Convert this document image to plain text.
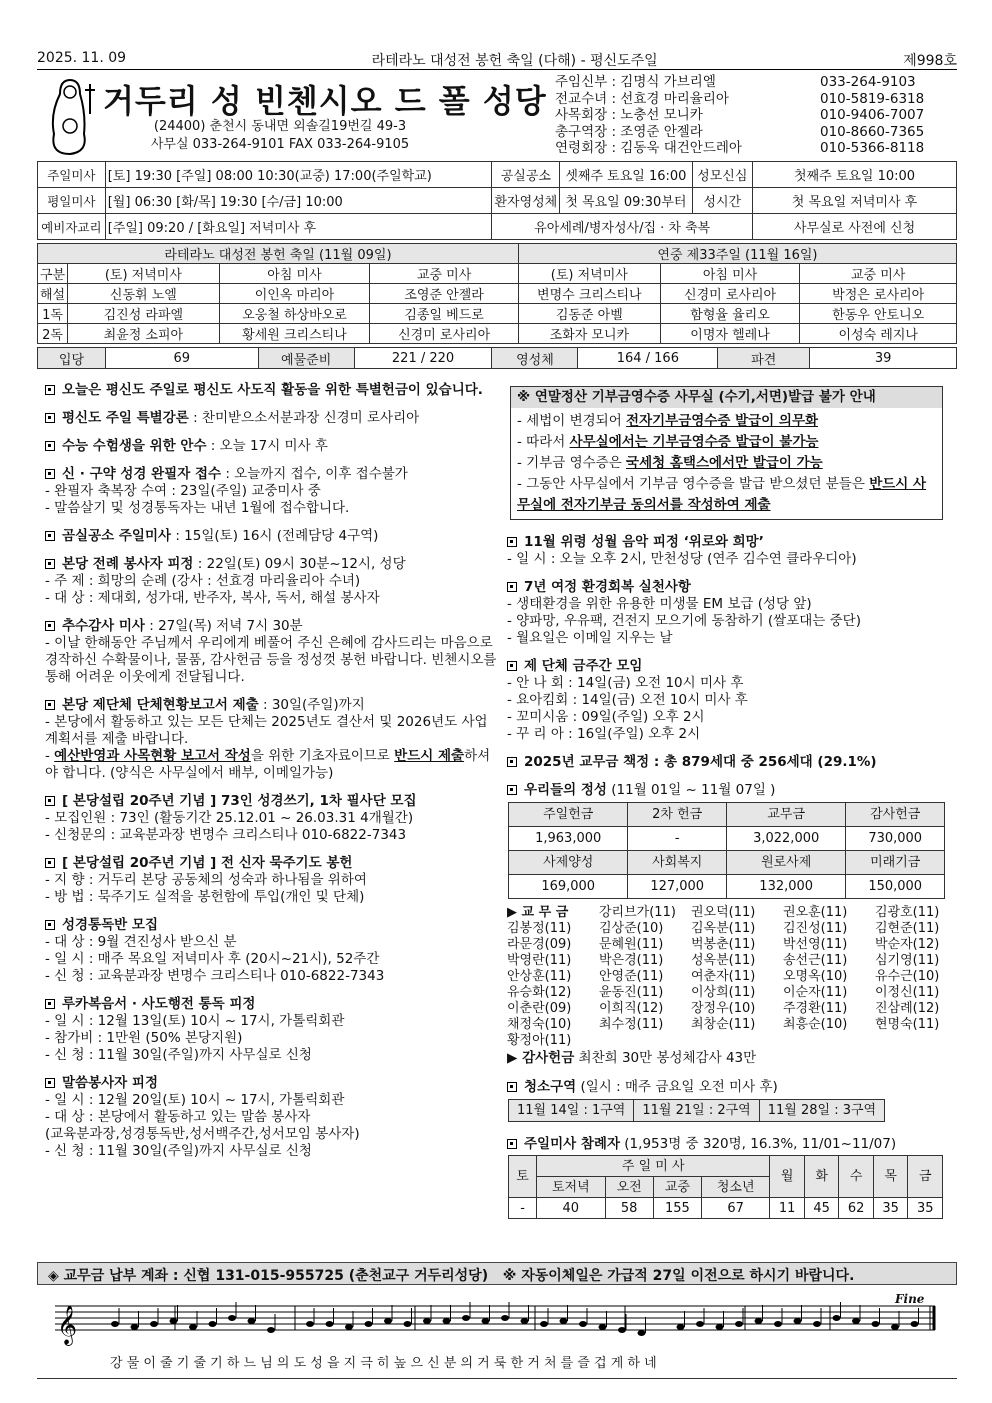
2025. 11. 09	라테라노 대성전 봉헌 축일 (다해) - 평신도주일	제998호
거두리 성 빈첸시오 드 폴 성당
(24400) 춘천시 동내면 외솔길19번길 49-3
사무실 033-264-9101 FAX 033-264-9105
주임신부 : 김명식 가브리엘	033-264-9103
전교수녀 : 선효경 마리율리아	010-5819-6318
사목회장 : 노충선 모니카	010-9406-7007
총구역장 : 조영준 안젤라	010-8660-7365
연령회장 : 김동욱 대건안드레아	010-5366-8118
주일미사	[토] 19:30 [주일] 08:00 10:30(교중) 17:00(주일학교)	공실공소	셋째주 토요일 16:00	성모신심	첫째주 토요일 10:00
평일미사	[월] 06:30 [화/목] 19:30 [수/금] 10:00	환자영성체	첫 목요일 09:30부터	성시간	첫 목요일 저녁미사 후
예비자교리	[주일] 09:20 / [화요일] 저녁미사 후	유아세례/병자성사/집 · 차 축복			사무실로 사전에 신청
라테라노 대성전 봉헌 축일 (11월 09일)				연중 제33주일 (11월 16일)		
구분	(토) 저녁미사	아침 미사	교중 미사	(토) 저녁미사	아침 미사	교중 미사
해설	신동휘 노엘	이인옥 마리아	조영준 안젤라	변명수 크리스티나	신경미 로사리아	박정은 로사리아
1독	김진성 라파엘	오웅철 하상바오로	김종일 베드로	김동준 아벨	함형율 율리오	한동우 안토니오
2독	최윤정 소피아	황세원 크리스티나	신경미 로사리아	조화자 모니카	이명자 헬레나	이성숙 레지나
입당	69	예물준비	221 / 220	영성체	164 / 166	파견	39
오늘은 평신도 주일로 평신도 사도직 활동을 위한 특별헌금이 있습니다.
평신도 주일 특별강론 : 찬미받으소서분과장 신경미 로사리아
수능 수험생을 위한 안수 : 오늘 17시 미사 후
신 · 구약 성경 완필자 접수 : 오늘까지 접수, 이후 접수불가
- 완필자 축복장 수여 : 23일(주일) 교중미사 중
- 말씀살기 및 성경통독자는 내년 1월에 접수합니다.
곰실공소 주일미사 : 15일(토) 16시 (전례담당 4구역)
본당 전례 봉사자 피정 : 22일(토) 09시 30분~12시, 성당
- 주 제 : 희망의 순례 (강사 : 선효경 마리율리아 수녀)
- 대 상 : 제대회, 성가대, 반주자, 복사, 독서, 해설 봉사자
추수감사 미사 : 27일(목) 저녁 7시 30분
- 이날 한해동안 주님께서 우리에게 베풀어 주신 은혜에 감사드리는 마음으로 경작하신 수확물이나, 물품, 감사헌금 등을 정성껏 봉헌 바랍니다. 빈첸시오를 통해 어려운 이웃에게 전달됩니다.
본당 제단체 단체현황보고서 제출 : 30일(주일)까지
- 본당에서 활동하고 있는 모든 단체는 2025년도 결산서 및 2026년도 사업계획서를 제출 바랍니다.
- 예산반영과 사목현황 보고서 작성을 위한 기초자료이므로 반드시 제출하셔야 합니다. (양식은 사무실에서 배부, 이메일가능)
[ 본당설립 20주년 기념 ] 73인 성경쓰기, 1차 필사단 모집
- 모집인원 : 73인 (활동기간 25.12.01 ~ 26.03.31 4개월간)
- 신청문의 : 교육분과장 변명수 크리스티나 010-6822-7343
[ 본당설립 20주년 기념 ] 전 신자 묵주기도 봉헌
- 지 향 : 거두리 본당 공동체의 성숙과 하나됨을 위하여
- 방 법 : 묵주기도 실적을 봉헌함에 투입(개인 및 단체)
성경통독반 모집
- 대 상 : 9월 견진성사 받으신 분
- 일 시 : 매주 목요일 저녁미사 후 (20시~21시), 52주간
- 신 청 : 교육분과장 변명수 크리스티나 010-6822-7343
루카복음서 · 사도행전 통독 피정
- 일 시 : 12월 13일(토) 10시 ~ 17시, 가톨릭회관
- 참가비 : 1만원 (50% 본당지원)
- 신 청 : 11월 30일(주일)까지 사무실로 신청
말씀봉사자 피정
- 일 시 : 12월 20일(토) 10시 ~ 17시, 가톨릭회관
- 대 상 : 본당에서 활동하고 있는 말씀 봉사자
(교육분과장,성경통독반,성서백주간,성서모임 봉사자)
- 신 청 : 11월 30일(주일)까지 사무실로 신청
※ 연말정산 기부금영수증 사무실 (수기,서면)발급 불가 안내
- 세법이 변경되어 전자기부금영수증 발급이 의무화
- 따라서 사무실에서는 기부금영수증 발급이 불가능
- 기부금 영수증은 국세청 홈택스에서만 발급이 가능
- 그동안 사무실에서 기부금 영수증을 발급 받으셨던 분들은 반드시 사무실에 전자기부금 동의서를 작성하여 제출
11월 위령 성월 음악 피정 ‘위로와 희망’
- 일 시 : 오늘 오후 2시, 만천성당 (연주 김수연 클라우디아)
7년 여정 환경회복 실천사항
- 생태환경을 위한 유용한 미생물 EM 보급 (성당 앞)
- 양파망, 우유팩, 건전지 모으기에 동참하기 (쌀포대는 중단)
- 월요일은 이메일 지우는 날
제 단체 금주간 모임
- 안 나 회 : 14일(금) 오전 10시 미사 후
- 요아킴회 : 14일(금) 오전 10시 미사 후
- 꼬미시움 : 09일(주일) 오후 2시
- 꾸 리 아 : 16일(주일) 오후 2시
2025년 교무금 책정 : 총 879세대 중 256세대 (29.1%)
우리들의 정성 (11월 01일 ~ 11월 07일 )
주일헌금	2차 헌금	교무금	감사헌금
1,963,000	-	3,022,000	730,000
사제양성	사회복지	원로사제	미래기금
169,000	127,000	132,000	150,000
▶ 교 무 금	강리브가(11)	권오덕(11)	권오훈(11)	김광호(11)
김봉정(11)	김상준(10)	김옥분(11)	김진성(11)	김현준(11)
라문경(09)	문혜원(11)	벅봉춘(11)	박선영(11)	박순자(12)
박영란(11)	박은경(11)	성옥분(11)	송선근(11)	심기영(11)
안상훈(11)	안영준(11)	여춘자(11)	오명옥(10)	유수근(10)
유승화(12)	윤동진(11)	이상희(11)	이순자(11)	이정신(11)
이춘란(09)	이희직(12)	장정우(10)	주경환(11)	진삼례(12)
채정숙(10)	최수정(11)	최창순(11)	최흥순(10)	현명숙(11)
황정아(11)
▶ 감사헌금 최찬희 30만 봉성체감사 43만
청소구역 (일시 : 매주 금요일 오전 미사 후)
11월 14일 : 1구역	11월 21일 : 2구역	11월 28일 : 3구역
주일미사 참례자 (1,953명 중 320명, 16.3%, 11/01~11/07)
토	주 일 미 사				월	화	수	목	금
	토저녁	오전	교중	청소년					
-	40	58	155	67	11	45	62	35	35
◈ 교무금 납부 계좌 : 신협 131-015-955725 (춘천교구 거두리성당) ※ 자동이체일은 가급적 27일 이전으로 하시기 바랍니다.
𝄞
Fine
강 물 이 줄 기 줄 기 하 느 님 의 도 성 을 지 극 히 높 으 신 분 의 거 룩 한 거 처 를 즐 겁 게 하 네
